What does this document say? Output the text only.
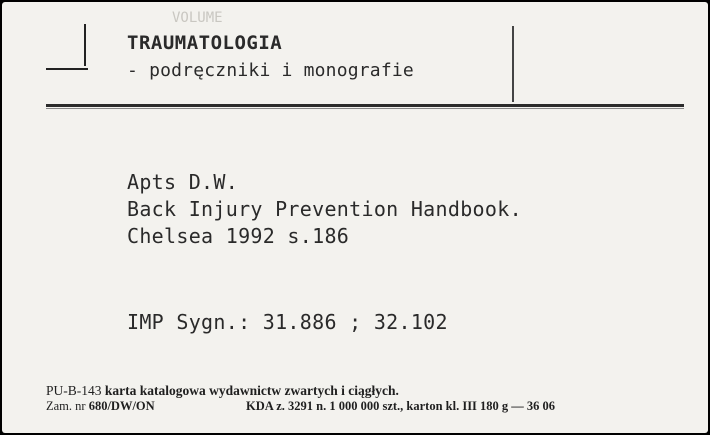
VOLUME
TRAUMATOLOGIA
- podręczniki i monografie
Apts D.W.
Back Injury Prevention Handbook.
Chelsea 1992 s.186
IMP Sygn.: 31.886 ; 32.102
PU-B-143 karta katalogowa wydawnictw zwartych i ciągłych.
Zam. nr 680/DW/ON	KDA z. 3291 n. 1 000 000 szt., karton kl. III 180 g — 36 06
